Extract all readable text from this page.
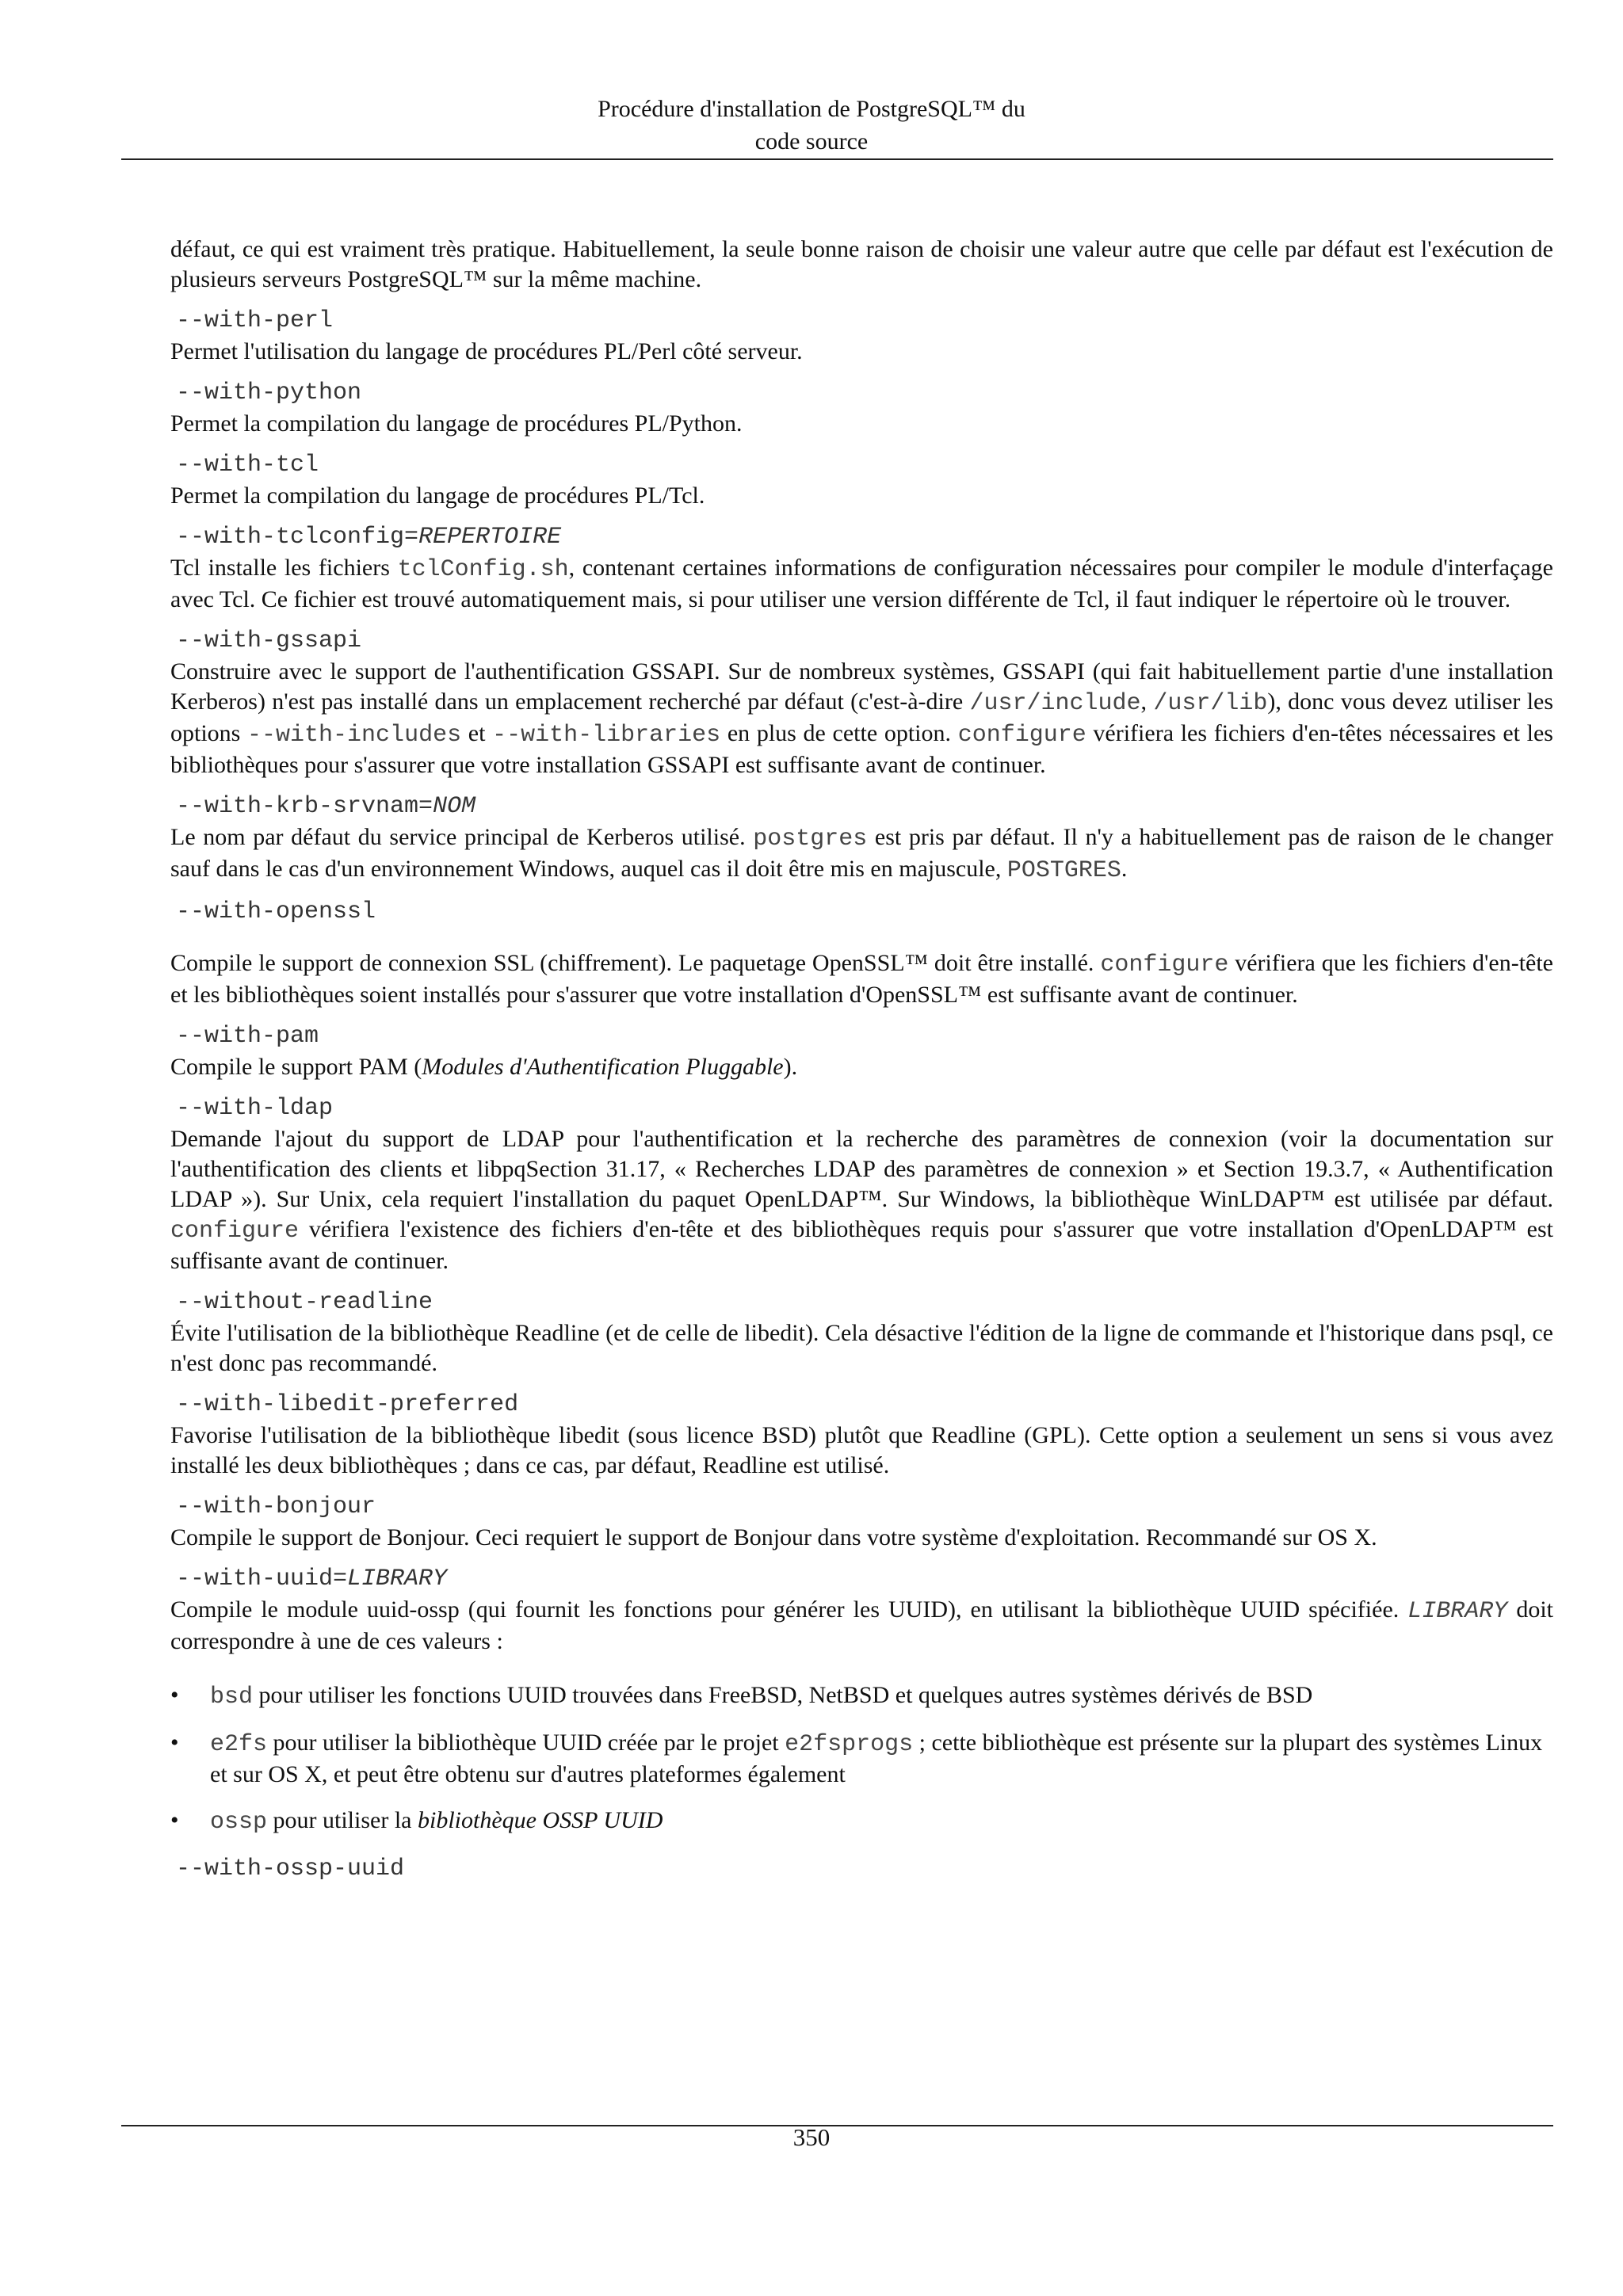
Procédure d'installation de PostgreSQL™ du
code source

défaut, ce qui est vraiment très pratique. Habituellement, la seule bonne raison de choisir une valeur autre que celle par défaut est l'exécution de plusieurs serveurs PostgreSQL™ sur la même machine.

--with-perl
Permet l'utilisation du langage de procédures PL/Perl côté serveur.
--with-python
Permet la compilation du langage de procédures PL/Python.
--with-tcl
Permet la compilation du langage de procédures PL/Tcl.
--with-tclconfig=REPERTOIRE
Tcl installe les fichiers tclConfig.sh, contenant certaines informations de configuration nécessaires pour compiler le module d'interfaçage avec Tcl. Ce fichier est trouvé automatiquement mais, si pour utiliser une version différente de Tcl, il faut indiquer le répertoire où le trouver.
--with-gssapi
Construire avec le support de l'authentification GSSAPI. Sur de nombreux systèmes, GSSAPI (qui fait habituellement partie d'une installation Kerberos) n'est pas installé dans un emplacement recherché par défaut (c'est-à-dire /usr/include, /usr/lib), donc vous devez utiliser les options --with-includes et --with-libraries en plus de cette option. configure vérifiera les fichiers d'en-têtes nécessaires et les bibliothèques pour s'assurer que votre installation GSSAPI est suffisante avant de continuer.
--with-krb-srvnam=NOM
Le nom par défaut du service principal de Kerberos utilisé. postgres est pris par défaut. Il n'y a habituellement pas de raison de le changer sauf dans le cas d'un environnement Windows, auquel cas il doit être mis en majuscule, POSTGRES.
--with-openssl
Compile le support de connexion SSL (chiffrement). Le paquetage OpenSSL™ doit être installé. configure vérifiera que les fichiers d'en-tête et les bibliothèques soient installés pour s'assurer que votre installation d'OpenSSL™ est suffisante avant de continuer.
--with-pam
Compile le support PAM (Modules d'Authentification Pluggable).
--with-ldap
Demande l'ajout du support de LDAP pour l'authentification et la recherche des paramètres de connexion (voir la documentation sur l'authentification des clients et libpqSection 31.17, « Recherches LDAP des paramètres de connexion » et Section 19.3.7, « Authentification LDAP »). Sur Unix, cela requiert l'installation du paquet OpenLDAP™. Sur Windows, la bibliothèque WinLDAP™ est utilisée par défaut. configure vérifiera l'existence des fichiers d'en-tête et des bibliothèques requis pour s'assurer que votre installation d'OpenLDAP™ est suffisante avant de continuer.
--without-readline
Évite l'utilisation de la bibliothèque Readline (et de celle de libedit). Cela désactive l'édition de la ligne de commande et l'historique dans psql, ce n'est donc pas recommandé.
--with-libedit-preferred
Favorise l'utilisation de la bibliothèque libedit (sous licence BSD) plutôt que Readline (GPL). Cette option a seulement un sens si vous avez installé les deux bibliothèques ; dans ce cas, par défaut, Readline est utilisé.
--with-bonjour
Compile le support de Bonjour. Ceci requiert le support de Bonjour dans votre système d'exploitation. Recommandé sur OS X.
--with-uuid=LIBRARY
Compile le module uuid-ossp (qui fournit les fonctions pour générer les UUID), en utilisant la bibliothèque UUID spécifiée. LIBRARY doit correspondre à une de ces valeurs :
• bsd pour utiliser les fonctions UUID trouvées dans FreeBSD, NetBSD et quelques autres systèmes dérivés de BSD
• e2fs pour utiliser la bibliothèque UUID créée par le projet e2fsprogs ; cette bibliothèque est présente sur la plupart des systèmes Linux et sur OS X, et peut être obtenu sur d'autres plateformes également
• ossp pour utiliser la bibliothèque OSSP UUID
--with-ossp-uuid
350
